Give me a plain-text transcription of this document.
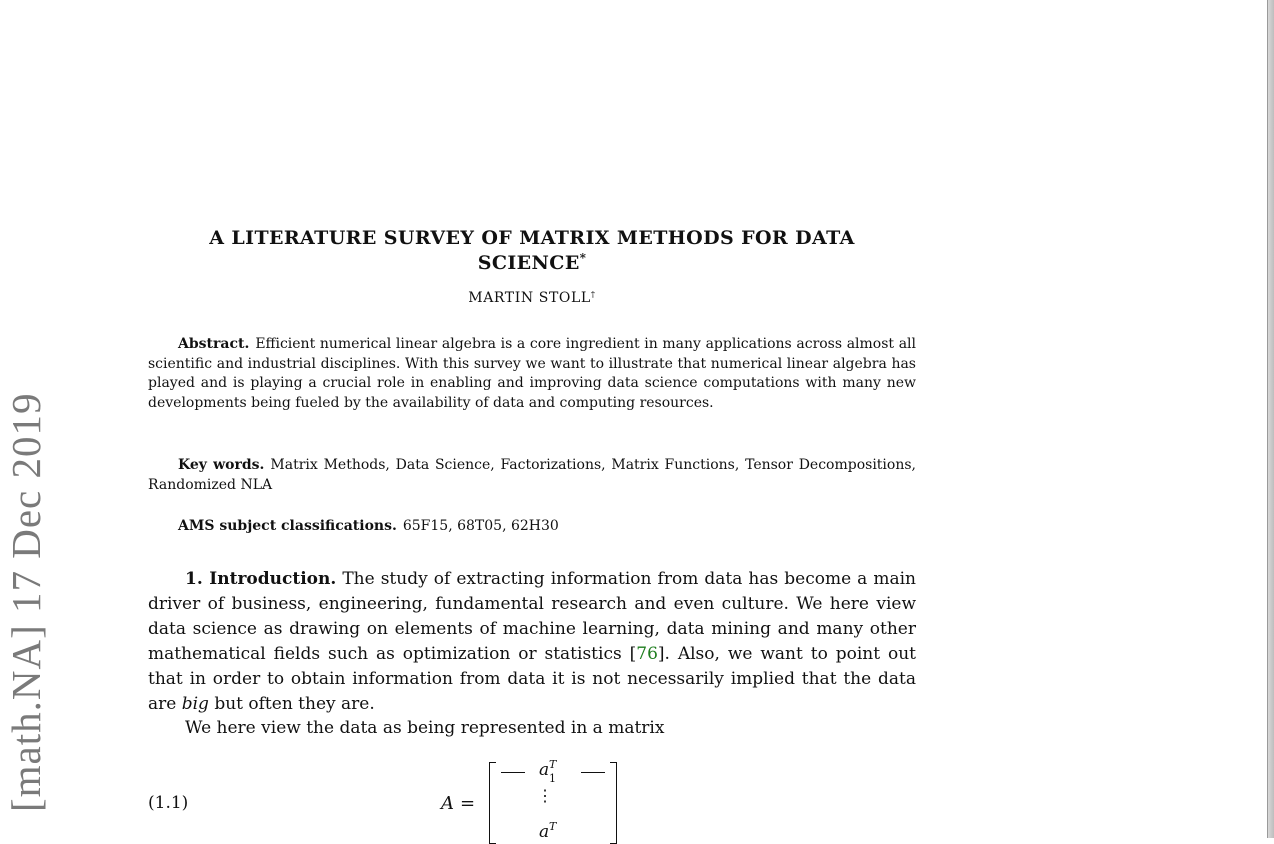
[math.NA] 17 Dec 2019
A LITERATURE SURVEY OF MATRIX METHODS FOR DATA
SCIENCE*
MARTIN STOLL†
Abstract. Efficient numerical linear algebra is a core ingredient in many applications across almost all scientific and industrial disciplines. With this survey we want to illustrate that numerical linear algebra has played and is playing a crucial role in enabling and improving data science computations with many new developments being fueled by the availability of data and computing resources.
Key words. Matrix Methods, Data Science, Factorizations, Matrix Functions, Tensor Decompositions, Randomized NLA
AMS subject classifications. 65F15, 68T05, 62H30
1. Introduction. The study of extracting information from data has become a main driver of business, engineering, fundamental research and even culture. We here view data science as drawing on elements of machine learning, data mining and many other mathematical fields such as optimization or statistics [76]. Also, we want to point out that in order to obtain information from data it is not necessarily implied that the data are big but often they are.
We here view the data as being represented in a matrix
(1.1)	A =
a T
1
⋮
a T
